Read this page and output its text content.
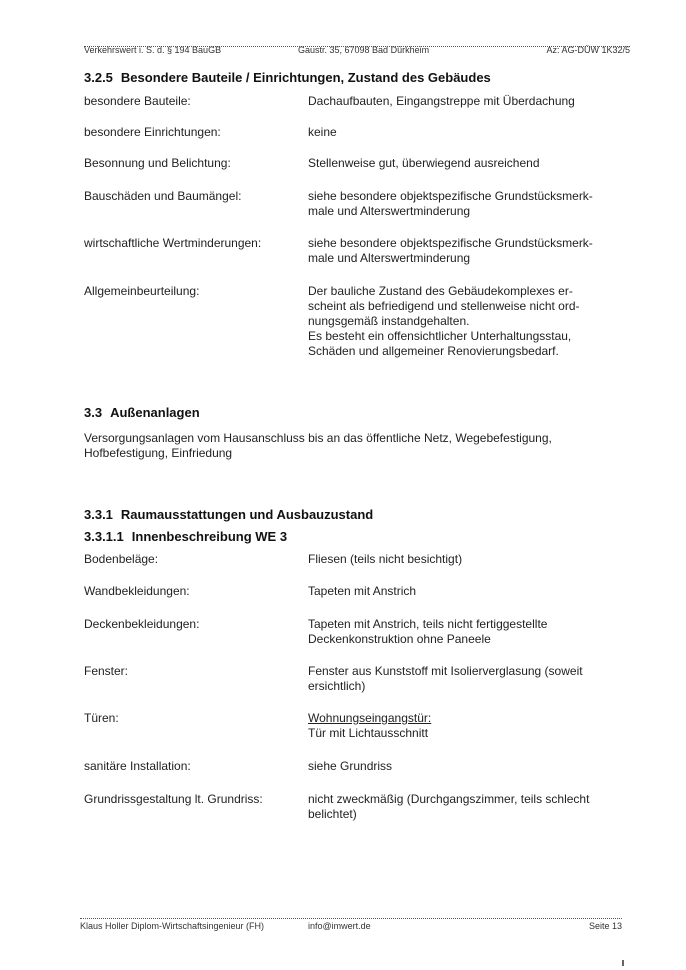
Verkehrswert i. S. d. § 194 BauGB	Gaustr. 35, 67098 Bad Dürkheim	Az: AG-DÜW 1K32/5
3.2.5 Besondere Bauteile / Einrichtungen, Zustand des Gebäudes
besondere Bauteile:	Dachaufbauten, Eingangstreppe mit Überdachung
besondere Einrichtungen:	keine
Besonnung und Belichtung:	Stellenweise gut, überwiegend ausreichend
Bauschäden und Baumängel:	siehe besondere objektspezifische Grundstücksmerk-
male und Alterswertminderung
wirtschaftliche Wertminderungen:	siehe besondere objektspezifische Grundstücksmerk-
male und Alterswertminderung
Allgemeinbeurteilung:	Der bauliche Zustand des Gebäudekomplexes er-
scheint als befriedigend und stellenweise nicht ord-
nungsgemäß instandgehalten.
Es besteht ein offensichtlicher Unterhaltungsstau,
Schäden und allgemeiner Renovierungsbedarf.
3.3 Außenanlagen
Versorgungsanlagen vom Hausanschluss bis an das öffentliche Netz, Wegebefestigung,
Hofbefestigung, Einfriedung
3.3.1 Raumausstattungen und Ausbauzustand
3.3.1.1 Innenbeschreibung WE 3
Bodenbeläge:	Fliesen (teils nicht besichtigt)
Wandbekleidungen:	Tapeten mit Anstrich
Deckenbekleidungen:	Tapeten mit Anstrich, teils nicht fertiggestellte
Deckenkonstruktion ohne Paneele
Fenster:	Fenster aus Kunststoff mit Isolierverglasung (soweit
ersichtlich)
Türen:	Wohnungseingangstür:
Tür mit Lichtausschnitt
sanitäre Installation:	siehe Grundriss
Grundrissgestaltung lt. Grundriss:	nicht zweckmäßig (Durchgangszimmer, teils schlecht
belichtet)
Klaus Holler Diplom-Wirtschaftsingenieur (FH)	info@imwert.de	Seite 13
